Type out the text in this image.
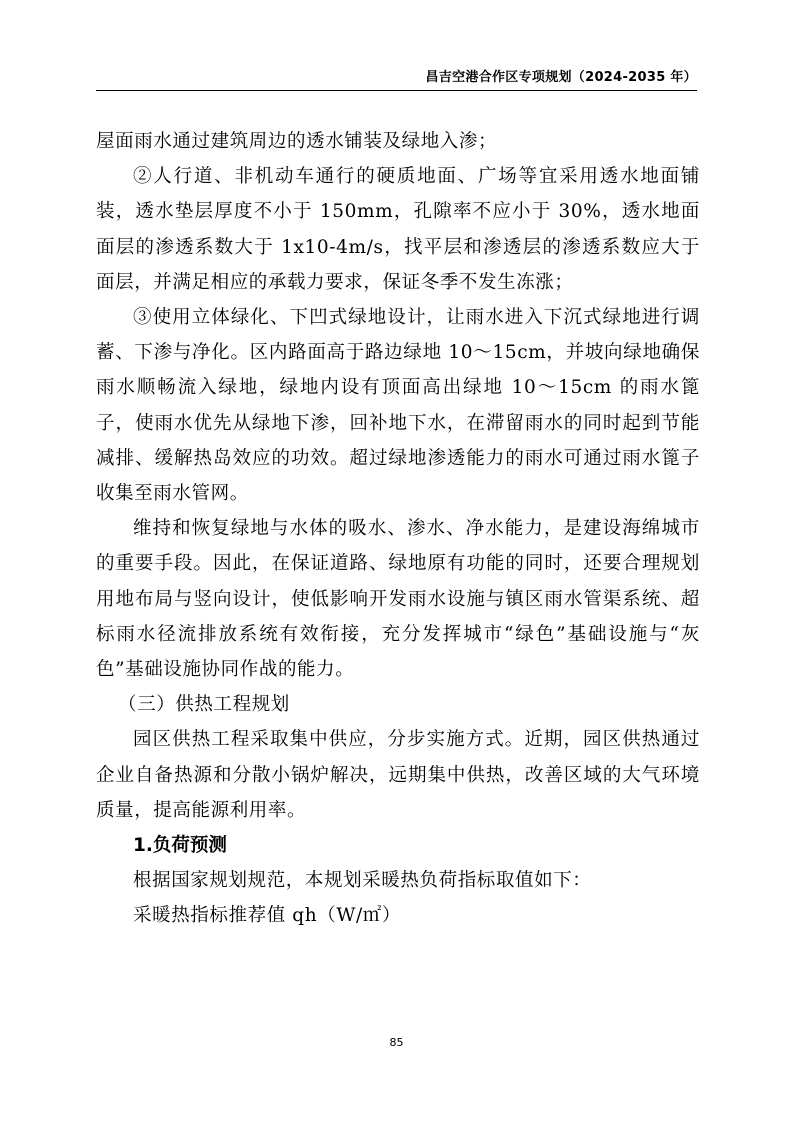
昌吉空港合作区专项规划（2024-2035 年）

屋面雨水通过建筑周边的透水铺装及绿地入渗；

②人行道、非机动车通行的硬质地面、广场等宜采用透水地面铺装，透水垫层厚度不小于 150mm，孔隙率不应小于 30%，透水地面面层的渗透系数大于 1x10-4m/s，找平层和渗透层的渗透系数应大于面层，并满足相应的承载力要求，保证冬季不发生冻涨；

③使用立体绿化、下凹式绿地设计，让雨水进入下沉式绿地进行调蓄、下渗与净化。区内路面高于路边绿地 10～15cm，并坡向绿地确保雨水顺畅流入绿地，绿地内设有顶面高出绿地 10～15cm 的雨水篦子，使雨水优先从绿地下渗，回补地下水，在滞留雨水的同时起到节能减排、缓解热岛效应的功效。超过绿地渗透能力的雨水可通过雨水篦子收集至雨水管网。

维持和恢复绿地与水体的吸水、渗水、净水能力，是建设海绵城市的重要手段。因此，在保证道路、绿地原有功能的同时，还要合理规划用地布局与竖向设计，使低影响开发雨水设施与镇区雨水管渠系统、超标雨水径流排放系统有效衔接，充分发挥城市“绿色”基础设施与“灰色”基础设施协同作战的能力。

（三）供热工程规划

园区供热工程采取集中供应，分步实施方式。近期，园区供热通过企业自备热源和分散小锅炉解决，远期集中供热，改善区域的大气环境质量，提高能源利用率。

1.负荷预测

根据国家规划规范，本规划采暖热负荷指标取值如下：

采暖热指标推荐值 qh（W/㎡）

85
